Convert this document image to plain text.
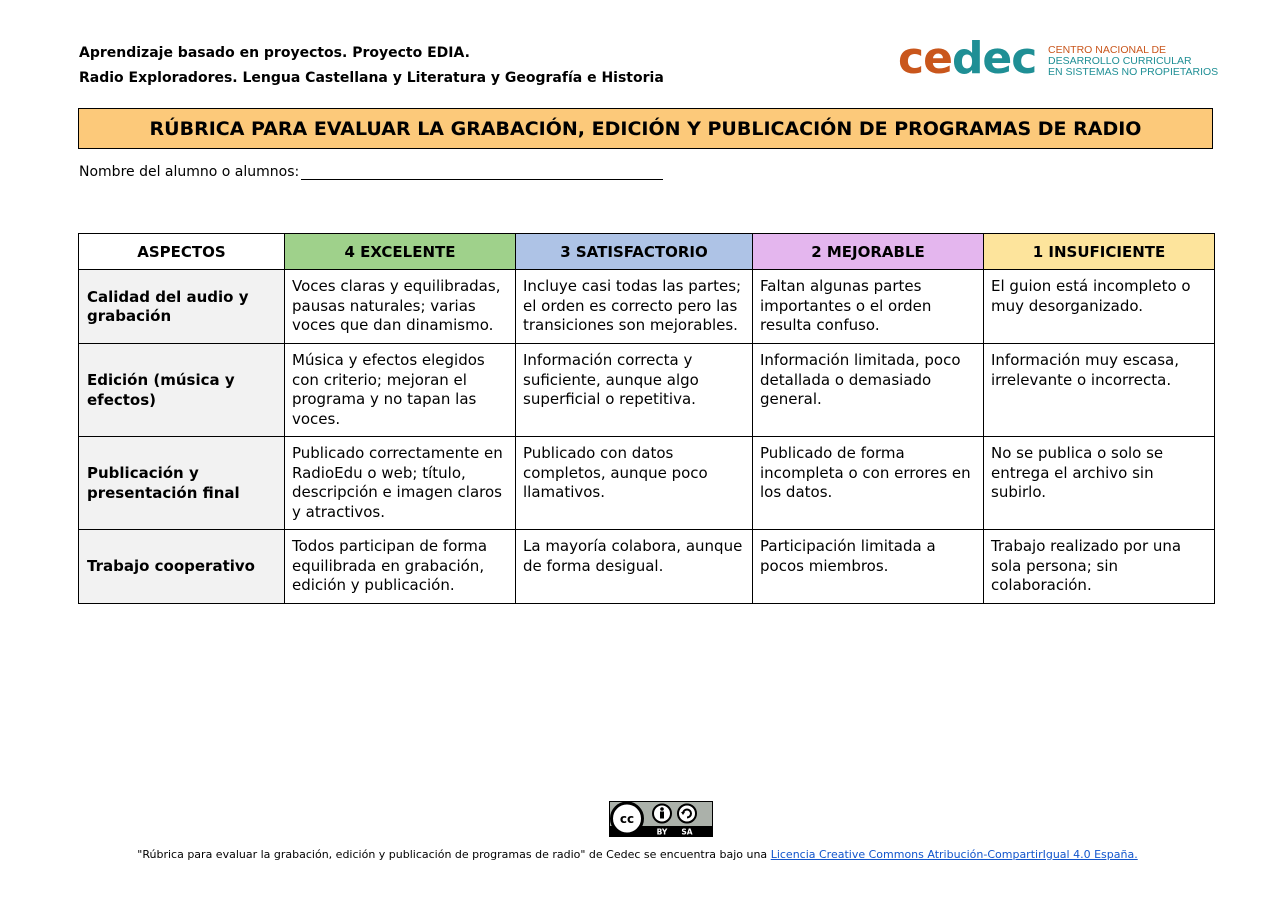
Aprendizaje basado en proyectos. Proyecto EDIA.
Radio Exploradores. Lengua Castellana y Literatura y Geografía e Historia	cedec CENTRO NACIONAL DE
DESARROLLO CURRICULAR
EN SISTEMAS NO PROPIETARIOS
RÚBRICA PARA EVALUAR LA GRABACIÓN, EDICIÓN Y PUBLICACIÓN DE PROGRAMAS DE RADIO
Nombre del alumno o alumnos:
ASPECTOS	4 EXCELENTE	3 SATISFACTORIO	2 MEJORABLE	1 INSUFICIENTE
Calidad del audio y grabación	Voces claras y equilibradas, pausas naturales; varias voces que dan dinamismo.	Incluye casi todas las partes; el orden es correcto pero las transiciones son mejorables.	Faltan algunas partes importantes o el orden resulta confuso.	El guion está incompleto o muy desorganizado.
Edición (música y efectos)	Música y efectos elegidos con criterio; mejoran el programa y no tapan las voces.	Información correcta y suficiente, aunque algo superficial o repetitiva.	Información limitada, poco detallada o demasiado general.	Información muy escasa, irrelevante o incorrecta.
Publicación y presentación final	Publicado correctamente en RadioEdu o web; título, descripción e imagen claros y atractivos.	Publicado con datos completos, aunque poco llamativos.	Publicado de forma incompleta o con errores en los datos.	No se publica o solo se entrega el archivo sin subirlo.
Trabajo cooperativo	Todos participan de forma equilibrada en grabación, edición y publicación.	La mayoría colabora, aunque de forma desigual.	Participación limitada a pocos miembros.	Trabajo realizado por una sola persona; sin colaboración.
cc
BY SA
"Rúbrica para evaluar la grabación, edición y publicación de programas de radio" de Cedec se encuentra bajo una Licencia Creative Commons Atribución-CompartirIgual 4.0 España.
